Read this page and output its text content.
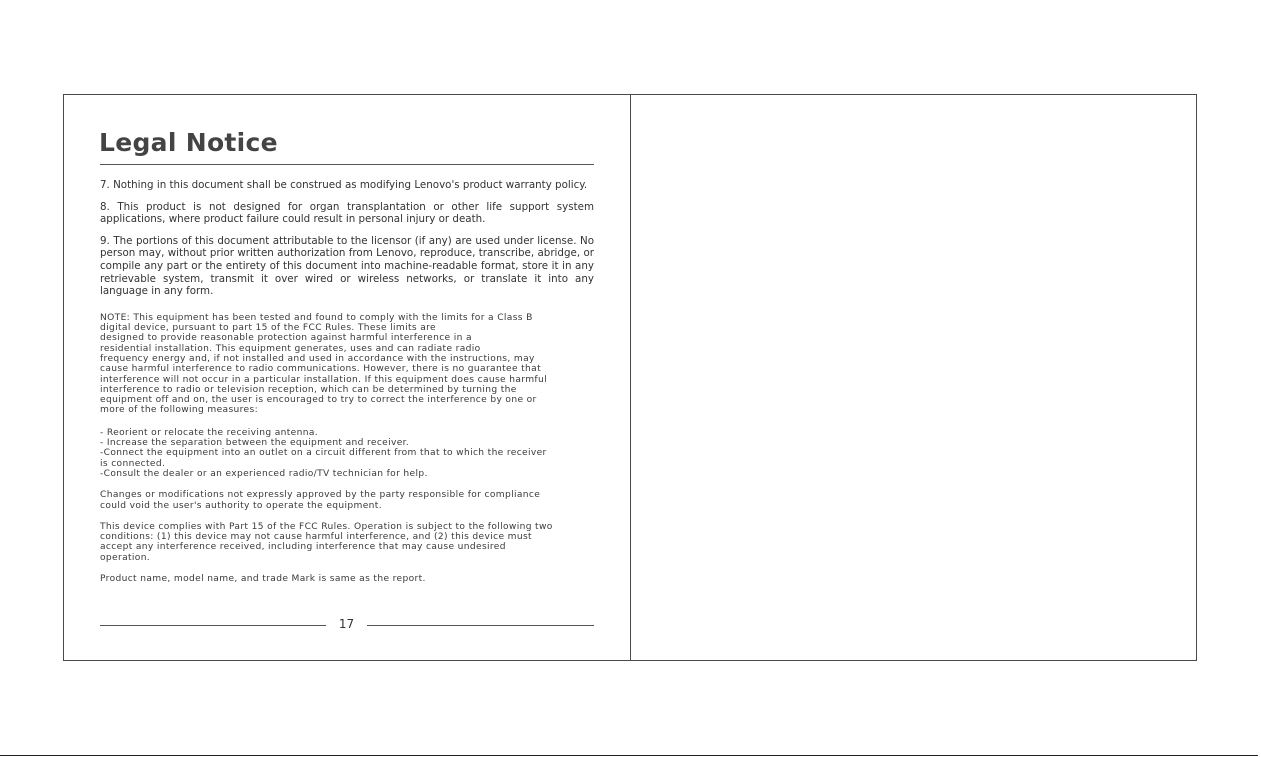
Legal Notice

7. Nothing in this document shall be construed as modifying Lenovo's product warranty policy.

8. This product is not designed for organ transplantation or other life support system applications, where product failure could result in personal injury or death.

9. The portions of this document attributable to the licensor (if any) are used under license. No person may, without prior written authorization from Lenovo, reproduce, transcribe, abridge, or compile any part or the entirety of this document into machine-readable format, store it in any retrievable system, transmit it over wired or wireless networks, or translate it into any language in any form.

NOTE: This equipment has been tested and found to comply with the limits for a Class B
digital device, pursuant to part 15 of the FCC Rules. These limits are
designed to provide reasonable protection against harmful interference in a
residential installation. This equipment generates, uses and can radiate radio
frequency energy and, if not installed and used in accordance with the instructions, may
cause harmful interference to radio communications. However, there is no guarantee that
interference will not occur in a particular installation. If this equipment does cause harmful
interference to radio or television reception, which can be determined by turning the
equipment off and on, the user is encouraged to try to correct the interference by one or
more of the following measures:

- Reorient or relocate the receiving antenna.
- Increase the separation between the equipment and receiver.
-Connect the equipment into an outlet on a circuit different from that to which the receiver
is connected.
-Consult the dealer or an experienced radio/TV technician for help.

Changes or modifications not expressly approved by the party responsible for compliance
could void the user's authority to operate the equipment.

This device complies with Part 15 of the FCC Rules. Operation is subject to the following two
conditions: (1) this device may not cause harmful interference, and (2) this device must
accept any interference received, including interference that may cause undesired
operation.

Product name, model name, and trade Mark is same as the report.

17
